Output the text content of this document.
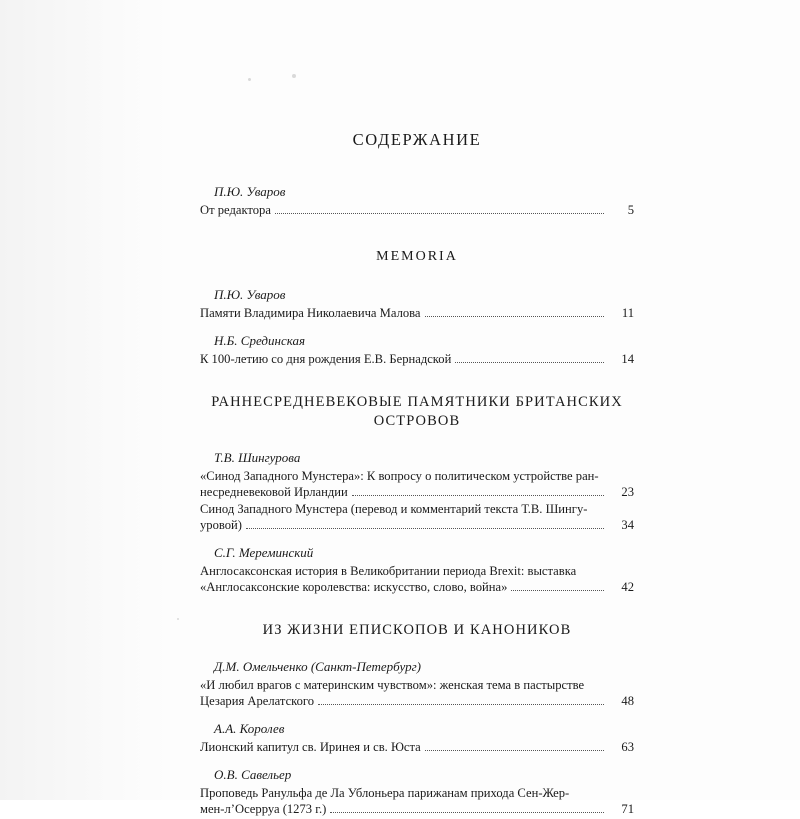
СОДЕРЖАНИЕ
П.Ю. Уваров
От редактора	5
MEMORIA
П.Ю. Уваров
Памяти Владимира Николаевича Малова	11
Н.Б. Срединская
К 100-летию со дня рождения Е.В. Бернадской	14
РАННЕСРЕДНЕВЕКОВЫЕ ПАМЯТНИКИ БРИТАНСКИХ ОСТРОВОВ
Т.В. Шингурова
«Синод Западного Мунстера»: К вопросу о политическом устройстве ран-
несредневековой Ирландии	23
Синод Западного Мунстера (перевод и комментарий текста Т.В. Шингу-
уровой)	34
С.Г. Мереминский
Англосаксонская история в Великобритании периода Brexit: выставка
«Англосаксонские королевства: искусство, слово, война»	42
ИЗ ЖИЗНИ ЕПИСКОПОВ И КАНОНИКОВ
Д.М. Омельченко (Санкт-Петербург)
«И любил врагов с материнским чувством»: женская тема в пастырстве
Цезария Арелатского	48
А.А. Королев
Лионский капитул св. Иринея и св. Юста	63
О.В. Савельер
Проповедь Ранульфа де Ла Ублоньера парижанам прихода Сен-Жер-
мен-л’Осерруа (1273 г.)	71
